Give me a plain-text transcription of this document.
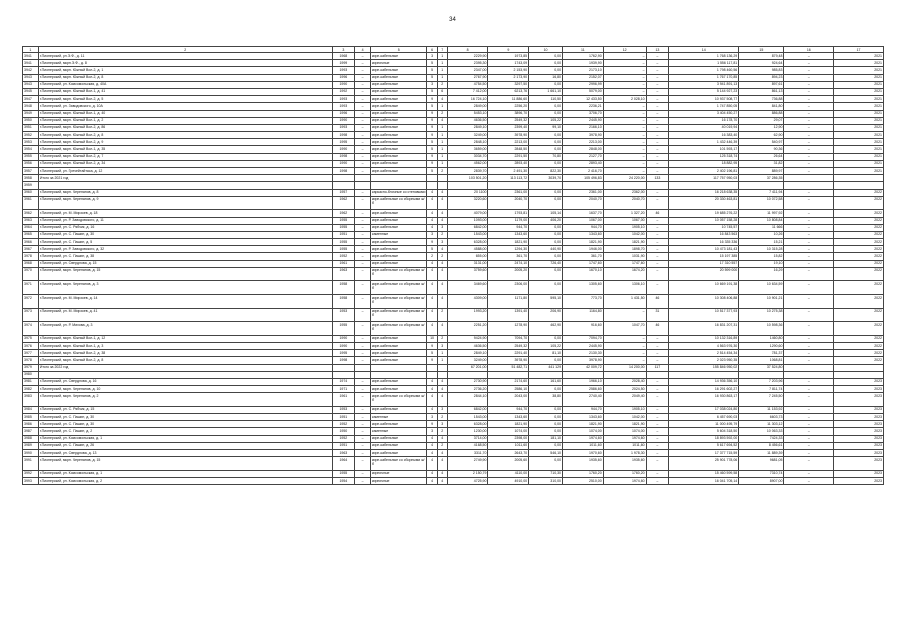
34
1	2	3	4	5	6	7	8	9	10	11	12	13	14	15	16	17
3941	г.Пионерский, ул.Э.Ф., д. 11	1968	–	кирп-кабельные	3	1	2229,90	1973,85	0,00	1762,90	–	–	1 768 136,29	879,48	–	2021
3941	г.Пионерский, мкрн.Э.Ф., д. 8	1999	–	кирпичные	5	1	2395,30	1743,09	0,00	1939,90	–	–	1 556 117,81	924,64	–	2021
3942	г.Пионерский, мкрн. Южный Вол-2, д. 1	1993	–	кирп-кабельные	5	1	2347,00	2 153,90	0,00	2173,10	–	–	1 798 460,56	985,83	–	2021
3943	г.Пионерский, мкрн. Южный Вол-2, д. 8	1996	–	кирп-кабельные	5	1	2767,90	2 173,90	16,80	2152,07	–	–	1 767 170,85	894,23	–	2021
3943	г.Пионерский, ул. Комсомольская, д. 40А	1990	–	кирп-кабельные	3	2	4754,50	3297,50	0,00	2996,99	–	–	3 941 891,13	897,61	–	2021
3945	г.Пионерский, мкрн. Южный Вол-1, д. 41	1992	–	кирп-кабельные	5	6	7 412,00	6213,76	1 661,10	5079,00	–	–	5 144 927,23	861,13	–	2021
3947	г.Пионерский, мкрн. Южный Вол-2, д. 5	1993	–	кирп-кабельные	9	4	16 724,10	11 886,60	110,50	12 433,50	2 028,10	–	10 937 508,77	736,88	–	2021
3948	г.Пионерский, ул. Заводовского, д. 10А	1993	–	кирп-кабельные	5	1	2849,00	2256,20	0,00	2236,21	–	–	1 747 850,05	841,80	–	2021
3949	г.Пионерский, мкрн. Южный Вол-1, д. 40	1996	–	кирп-кабельные	9	2	5453,10	3896,70	0,00	3706,70	–	–	3 404 450,27	886,88	–	2021
3950	г.Пионерский, мкрн. Южный Вол-1, д. 2	1990	–	кирп-кабельные	9	4	4636,50	2549,32	105,22	2445,90	–	–	16 178,70	29,07	–	2021
3951	г.Пионерский, мкрн. Южный Вол-2, д. 86	1993	–	кирп-кабельные	9	1	2849,10	2399,40	99,10	2166,10	–	–	40 019,94	12,90	–	2021
3952	г.Пионерский, мкрн. Южный Вол-2, д. 8	1998	–	кирп-кабельные	9	1	3249,00	3978,90	0,00	3978,90	–	–	16 383,40	62,90	–	2021
3953	г.Пионерский, мкрн. Южный Вол-2, д. 9	1995	–	кирп-кабельные	5	1	2848,10	2213,00	0,00	2213,00	–	–	1 432 446,39	540,97	–	2021
3954	г.Пионерский, мкрн. Южный Вол-1, д. 35	1990	–	кирп-кабельные	5	1	3659,00	2848,50	0,00	2848,00	–	–	101 593,17	90,36	–	2021
3955	г.Пионерский, мкрн. Южный Вол-2, д. 7	1998	–	кирп-кабельные	9	1	3034,70	2291,50	70,80	2127,70	–	–	125 318,74	26,64	–	2021
3956	г.Пионерский, мкрн. Южный Вол-2, д. 34	1990	–	кирп-кабельные	9	1	4562,00	2893,40	0,00	2893,40	–	–	18 882,95	31,82	–	2021
3957	г.Пионерский, ул. Гречейтайтаса, д. 12	1998	–	кирп-кабельные	5	2	2839,70	2 491,30	822,30	2 416,70	–	–	2 402 196,81	889,97	–	2021
3958	Итого за 2021 год						103 501,20	113 113,72	3039,70	105 496,83	24 220,00	133	117 757 950,03	37 286,35		
3959																
3960	г.Пионерский, мкрн. Черепанов, д. 8	1957	–	каркасно-блочные со стеновыми	4	4	20 1100	2361,00	0,00	2361,00	2362,00	–	16 218 638,35	7 411,94	–	2022
3961	г.Пионерский, мкрн. Черепанов, д. 9	1962	–	кирп-кабельные со сборными ж/б	4	4	3220,60	2040,70	0,00	2040,70	2040,70	–	20 330 463,81	10 072,58	–	2022
3962	г.Пионерский, ул. М. Мирзоев, д. 18	1962	–	кирп-кабельные	4	4	4079,00	1793,81	105,14	1637,70	1 327,20	46	19 685 276,22	11 997,92	–	2022
3963	г.Пионерский, ул. Р. Заводовского, д. 11	1955	–	кирп-кабельные	4	4	1093,00	1179,00	406,20	1067,00	1067,00	–	10 057 158,28	10 808,84	–	2022
3964	г.Пионерский, ул. С. Рябчик, д. 16	1955	–	кирп-кабельные	4	3	6842,00	944,70	0,00	944,70	1905,10	–	10 745,57	11 666	–	2022
3965	г.Пионерский, ул. С. Пашин, д. 30	1951	–	каменные	3	2	1543,00	1343,60	0,00	1343,60	1042,00	–	16 843 563	10,26	–	2022
3966	г.Пионерский, ул. С. Пашин, д. 5	1955	–	кирп-кабельные	9	3	6328,00	1821,90	0,00	1821,90	1821,90	–	16 335 336	15,21	–	2022
3967	г.Пионерский, ул. Р. Заводовского, д. 32	1955	–	кирп-кабельные	5	4	4588,00	1294,30	440,90	1946,00	1898,70	–	10 473 181,43	10 315,28	–	2022
3978	г.Пионерский, ул. С. Пашин, д. 38	1952	–	кирп-кабельные	2	2	655,00	361,70	0,00	361,70	1031,90	–	15 197 385	15,82	–	2022
3968	г.Пионерский, ул. Свердлова, д. 15	1961	–	кирп-кабельные	4	4	3131,00	2474,10	726,40	1747,60	1747,60	–	17 310 557	19,10	–	2022
3970	г.Пионерский, мкрн. Черепанов, д. 15	1963	–	кирп-кабельные со сборными ж/б	4	4	3759,60	2005,20	0,00	1670,10	1674,20	–	20 599 000	16,29	–	2022
3971	г.Пионерский, мкрн. Черепанов, д. 3	1958	–	кирп-кабельные со сборными ж/б	4	4	3469,60	2306,00	0,00	1305,60	1306,10	–	10 669 191,38	10 634,59	–	2022
3972	г.Пионерский, ул. М. Мирзоев, д. 14	1958	–	кирп-кабельные со сборными ж/б	4	4	4309,00	1171,80	595,10	773,70	1 431,50	46	10 308 406,88	10 901,21	–	2022
3973	г.Пионерский, ул. М. Мирзоев, д. 41	1953	–	кирп-кабельные со сборными ж/б	4	2	1993,20	1391,40	206,90	1164,80	–	31	10 517 377,93	10 275,38	–	2022
3974	г.Пионерский, ул. Р. Михова, д. 3	1955	–	кирп-кабельные со сборными ж/б	4	4	2251,20	1278,90	462,90	916,60	1047,70	46	16 831 207,31	10 598,36	–	2022
3975	г.Пионерский, мкрн. Южный Вол-1, д. 12	1990	–	кирп-кабельные	10	2	9424,90	7094,70	0,00	7094,70	–	–	10 132 316,89	1460,80	–	2022
3976	г.Пионерский, мкрн. Южный Вол-1, д. 3	1990	–	кирп-кабельные	9	3	4636,50	2549,32	105,22	2445,90	–	–	4 563 976,30	1290,60	–	2022
3977	г.Пионерский, мкрн. Южный Вол-2, д. 38	1995	–	кирп-кабельные	5	1	2849,10	2291,40	81,10	2130,30	–	–	2 514 454,34	781,37	–	2022
3978	г.Пионерский, мкрн. Южный Вол-2, д. 8	1998	–	кирп-кабельные	9	1	3249,00	3978,90	0,00	3978,90	–	–	2 023 950,35	1068,81	–	2022
3979	Итого за 2022 год						67 201,00	51 482,71	441 129	42 009,72	14 200,00	117	155 846 950,02	37 524,80		
3980																
3981	г.Пионерский, ул. Свердлова, д. 16	1974	–	кирп-кабельные	4	4	2730,90	2174,60	161,60	1966,10	2028,40	–	14 936 356,10	7 203,96	–	2023
3982	г.Пионерский, мкрн. Черепанов, д. 10	1971	–	кирп-кабельные	4	4	2736,20	2586,10	0,00	2586,60	2024,50	–	16 291 602,27	7 811,74	–	2023
3983	г.Пионерский, мкрн. Черепанов, д. 2	1961	–	кирп-кабельные со сборными ж/б	4	4	2844,10	2043,00	38,80	2740,40	2049,40	–	16 930 863,17	7 245,50	–	2023
3984	г.Пионерский, ул. С. Рябчик, д. 15	1953	–	кирп-кабельные	4	3	6842,00	944,70	0,00	944,70	1905,10	–	17 038 024,80	11 153,92	–	2023
3985	г.Пионерский, ул. С. Пашин, д. 30	1951	–	каменные	3	2	1543,00	1343,60	0,00	1343,60	1042,00	–	6 457 690,03	6603,73	–	2023
3986	г.Пионерский, ул. С. Пашин, д. 30	1952	–	кирп-кабельные	9	3	6328,00	1821,90	0,00	1821,90	1821,90	–	11 000 495,79	11 303,12	–	2023
3987	г.Пионерский, ул. С. Пашин, д. 2	1950	–	каменные	3	2	1230,00	1074,00	0,00	1074,00	1074,00	–	5 604 318,50	10 063,33	–	2023
3988	г.Пионерский, ул. Комсомольская, д. 1	1952	–	кирп-кабельные	4	4	3714,00	2398,00	181,10	1974,60	1974,60	–	18 893 592,00	7424,33	–	2023
3989	г.Пионерский, ул. С. Пашин, д. 26	1951	–	кирп-кабельные	4	2	4168,50	1011,60	0,00	1011,60	1011,60	–	5 617 694,52	8 456,61	–	2023
3990	г.Пионерский, ул. Свердлова, д. 13	1963	–	кирп-кабельные	4	4	3311,70	2643,70	546,10	1970,60	1 978,30	–	17 377 715,59	11 889,39	–	2023
3991	г.Пионерский, мкрн. Черепанов, д. 15	1964	–	кирп-кабельные со сборными ж/б	4	4	2749,90	2005,60	0,00	1935,60	1935,60	–	25 901 778,06	9681,05	–	2023
3992	г.Пионерский, ул. Комсомольская, д. 1	1955	–	кирпичные	4	4	2 150,79	4110,00	710,30	1760,20	1760,20	–	15 460 599,58	7310,74	–	2023
3993	г.Пионерский, ул. Комсомольская, д. 2	1954	–	кирпичные	4	4	4725,90	4910,00	310,00	2510,00	1974,60	–	16 041 705,14	8907,00	–	2023
